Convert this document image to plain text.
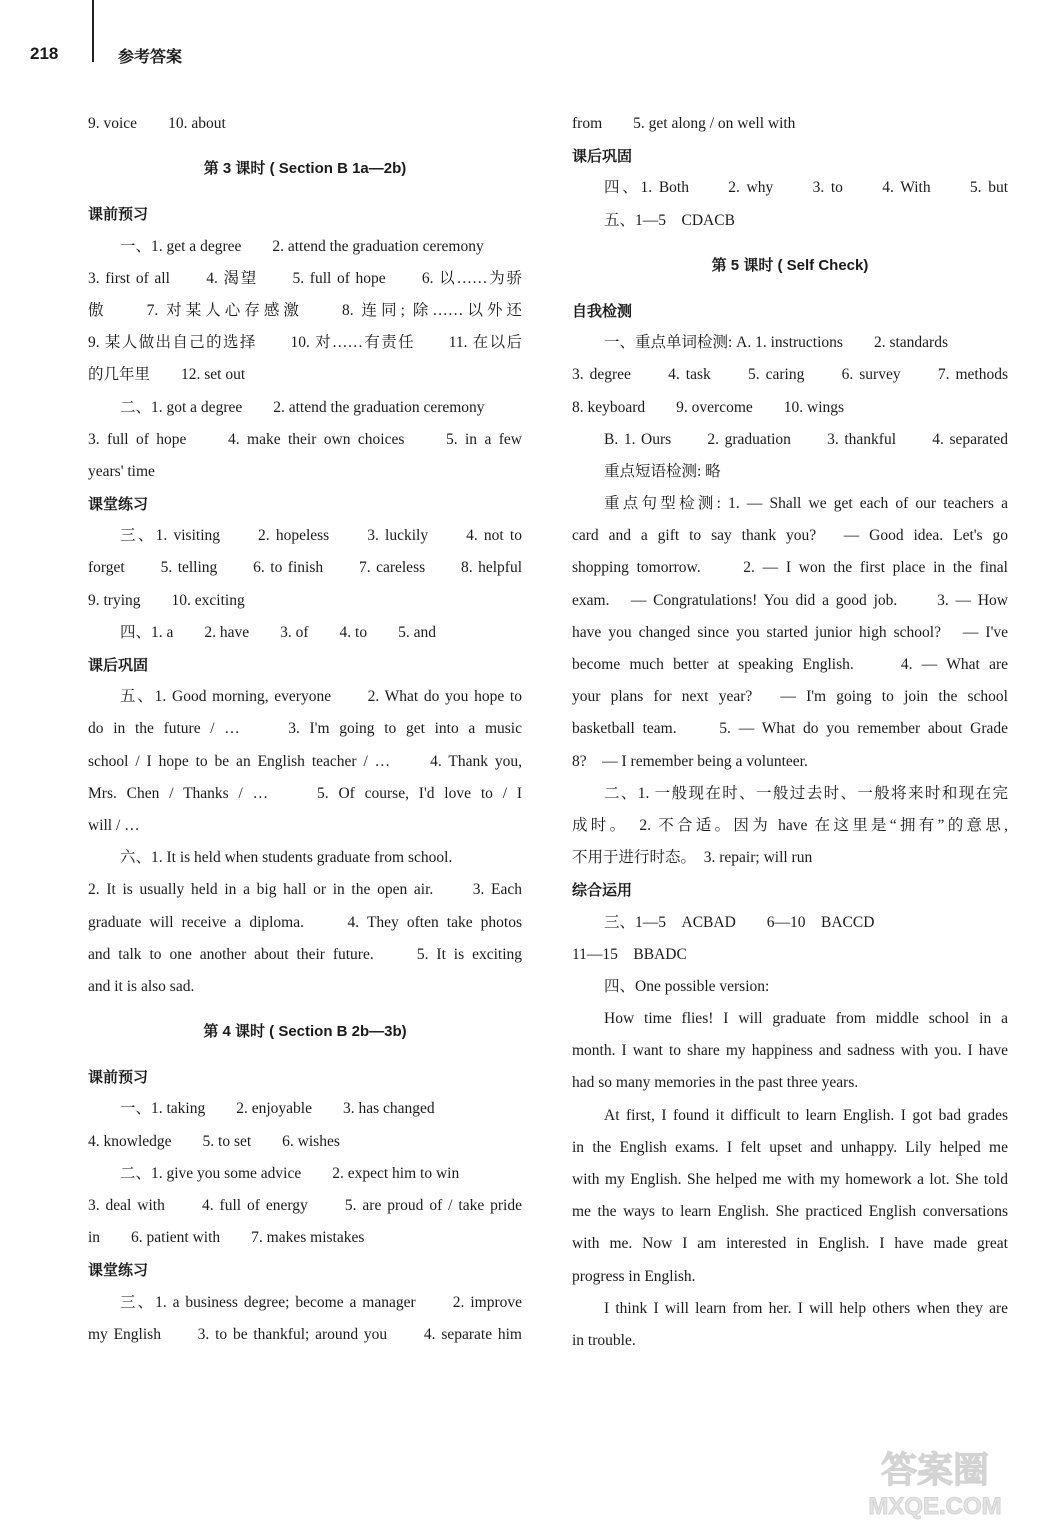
218	参考答案
9. voice　　10. about
第 3 课时 ( Section B 1a—2b)
课前预习
一、1. get a degree　　2. attend the graduation ceremony
3. first of all　　4. 渴望　　5. full of hope　　6. 以……为骄
傲　　7. 对某人心存感激　　8. 连同; 除……以外还
9. 某人做出自己的选择　　10. 对……有责任　　11. 在以后
的几年里　　12. set out
二、1. got a degree　　2. attend the graduation ceremony
3. full of hope　　4. make their own choices　　5. in a few
years' time
课堂练习
三、1. visiting　　2. hopeless　　3. luckily　　4. not to
forget　　5. telling　　6. to finish　　7. careless　　8. helpful
9. trying　　10. exciting
四、1. a　　2. have　　3. of　　4. to　　5. and
课后巩固
五、1. Good morning, everyone　　2. What do you hope to
do in the future / …　　3. I'm going to get into a music
school / I hope to be an English teacher / …　　4. Thank you,
Mrs. Chen / Thanks / …　　5. Of course, I'd love to / I
will / …
六、1. It is held when students graduate from school.
2. It is usually held in a big hall or in the open air.　　3. Each
graduate will receive a diploma.　　4. They often take photos
and talk to one another about their future.　　5. It is exciting
and it is also sad.
第 4 课时 ( Section B 2b—3b)
课前预习
一、1. taking　　2. enjoyable　　3. has changed
4. knowledge　　5. to set　　6. wishes
二、1. give you some advice　　2. expect him to win
3. deal with　　4. full of energy　　5. are proud of / take pride
in　　6. patient with　　7. makes mistakes
课堂练习
三、1. a business degree; become a manager　　2. improve
my English　　3. to be thankful; around you　　4. separate him
from　　5. get along / on well with
课后巩固
四、1. Both　　2. why　　3. to　　4. With　　5. but
五、1—5　CDACB
第 5 课时 ( Self Check)
自我检测
一、重点单词检测: A. 1. instructions　　2. standards
3. degree　　4. task　　5. caring　　6. survey　　7. methods
8. keyboard　　9. overcome　　10. wings
B. 1. Ours　　2. graduation　　3. thankful　　4. separated
重点短语检测: 略
重点句型检测: 1. — Shall we get each of our teachers a
card and a gift to say thank you?　— Good idea. Let's go
shopping tomorrow.　　2. — I won the first place in the final
exam.　— Congratulations! You did a good job.　　3. — How
have you changed since you started junior high school?　— I've
become much better at speaking English.　　4. — What are
your plans for next year?　— I'm going to join the school
basketball team.　　5. — What do you remember about Grade
8?　— I remember being a volunteer.
二、1. 一般现在时、一般过去时、一般将来时和现在完
成时。　2. 不合适。因为 have 在这里是“拥有”的意思,
不用于进行时态。　3. repair; will run
综合运用
三、1—5　ACBAD　　6—10　BACCD
11—15　BBADC
四、One possible version:
How time flies! I will graduate from middle school in a
month. I want to share my happiness and sadness with you. I have
had so many memories in the past three years.
At first, I found it difficult to learn English. I got bad grades
in the English exams. I felt upset and unhappy. Lily helped me
with my English. She helped me with my homework a lot. She told
me the ways to learn English. She practiced English conversations
with me. Now I am interested in English. I have made great
progress in English.
I think I will learn from her. I will help others when they are
in trouble.
答案圈
MXQE.COM
